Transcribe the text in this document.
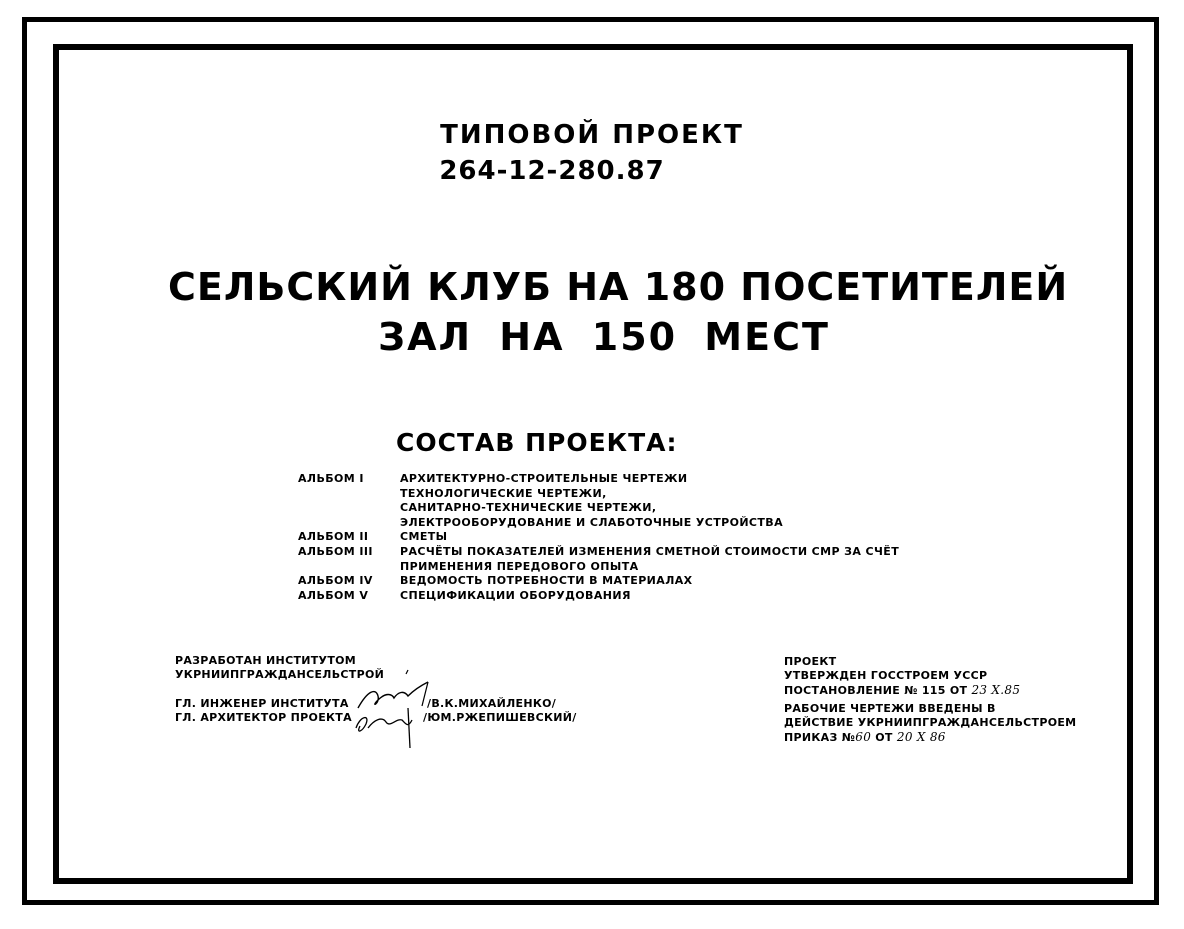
ТИПОВОЙ ПРОЕКТ
264-12-280.87
СЕЛЬСКИЙ КЛУБ НА 180 ПОСЕТИТЕЛЕЙ
ЗАЛ НА 150 МЕСТ
СОСТАВ ПРОЕКТА:
АЛЬБОМ I	АРХИТЕКТУРНО-СТРОИТЕЛЬНЫЕ ЧЕРТЕЖИ
ТЕХНОЛОГИЧЕСКИЕ ЧЕРТЕЖИ,
САНИТАРНО-ТЕХНИЧЕСКИЕ ЧЕРТЕЖИ,
ЭЛЕКТРООБОРУДОВАНИЕ И СЛАБОТОЧНЫЕ УСТРОЙСТВА
АЛЬБОМ II	СМЕТЫ
АЛЬБОМ III	РАСЧЁТЫ ПОКАЗАТЕЛЕЙ ИЗМЕНЕНИЯ СМЕТНОЙ СТОИМОСТИ СМР ЗА СЧЁТ
ПРИМЕНЕНИЯ ПЕРЕДОВОГО ОПЫТА
АЛЬБОМ IV	ВЕДОМОСТЬ ПОТРЕБНОСТИ В МАТЕРИАЛАХ
АЛЬБОМ V	СПЕЦИФИКАЦИИ ОБОРУДОВАНИЯ
РАЗРАБОТАН ИНСТИТУТОМ
УКРНИИПГРАЖДАНСЕЛЬСТРОЙ
ГЛ. ИНЖЕНЕР ИНСТИТУТА
ГЛ. АРХИТЕКТОР ПРОЕКТА
/В.К.МИХАЙЛЕНКО/
/ЮМ.РЖЕПИШЕВСКИЙ/
ПРОЕКТ
УТВЕРЖДЕН ГОССТРОЕМ УССР
ПОСТАНОВЛЕНИЕ № 115 ОТ 23 X.85
РАБОЧИЕ ЧЕРТЕЖИ ВВЕДЕНЫ В
ДЕЙСТВИЕ УКРНИИПГРАЖДАНСЕЛЬСТРОЕМ
ПРИКАЗ №60 ОТ 20 X 86
